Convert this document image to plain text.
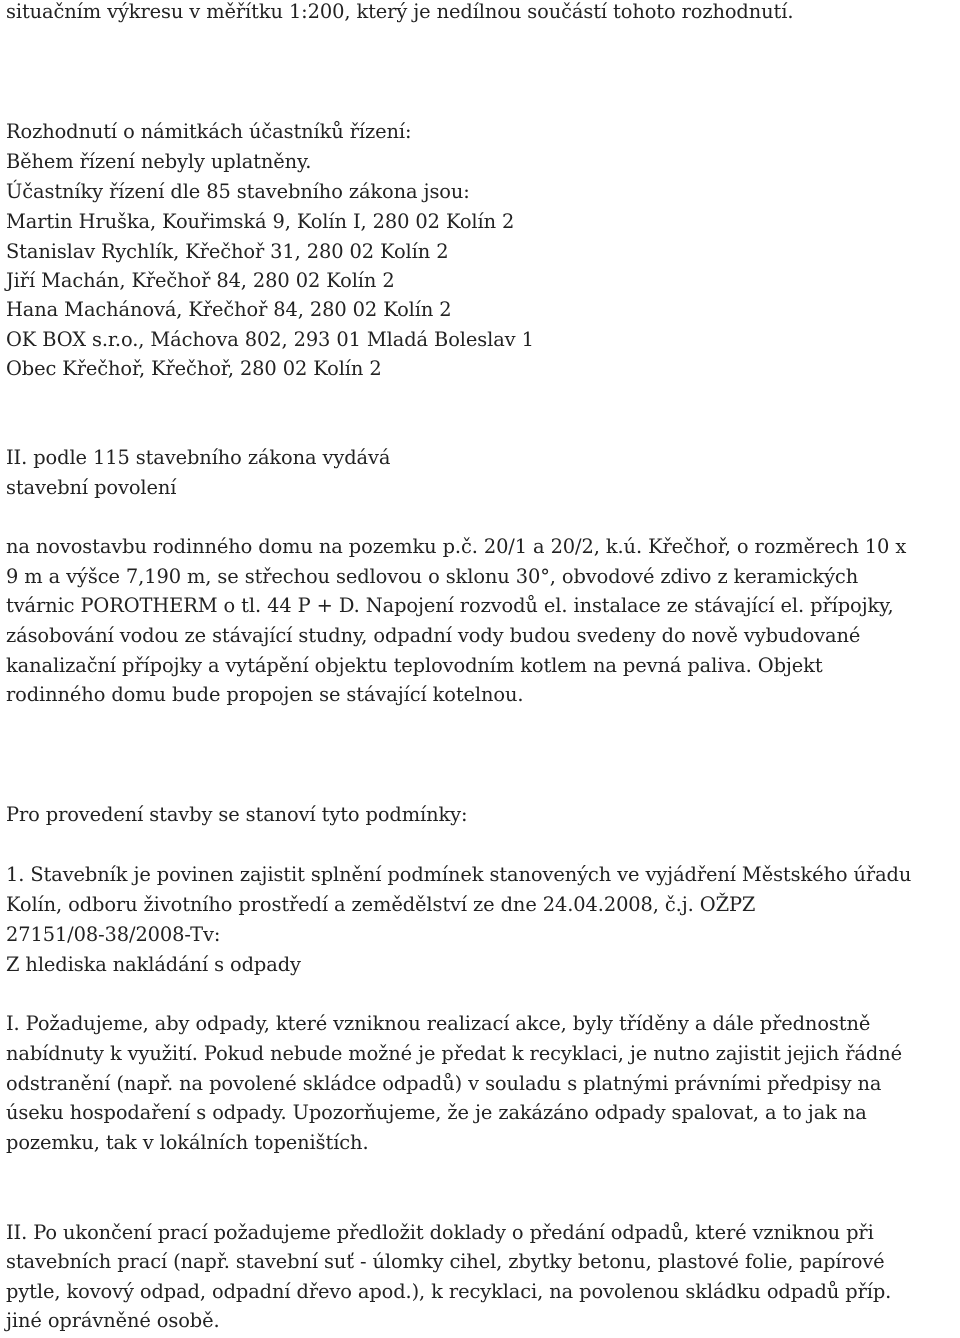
situačním výkresu v měřítku 1:200, který je nedílnou součástí tohoto rozhodnutí.
Rozhodnutí o námitkách účastníků řízení:
Během řízení nebyly uplatněny.
Účastníky řízení dle 85 stavebního zákona jsou:
Martin Hruška, Kouřimská 9, Kolín I, 280 02 Kolín 2
Stanislav Rychlík, Křečhoř 31, 280 02 Kolín 2
Jiří Machán, Křečhoř 84, 280 02 Kolín 2
Hana Machánová, Křečhoř 84, 280 02 Kolín 2
OK BOX s.r.o., Máchova 802, 293 01 Mladá Boleslav 1
Obec Křečhoř, Křečhoř, 280 02 Kolín 2
II. podle 115 stavebního zákona vydává
stavební povolení
na novostavbu rodinného domu na pozemku p.č. 20/1 a 20/2, k.ú. Křečhoř, o rozměrech 10 x
9 m a výšce 7,190 m, se střechou sedlovou o sklonu 30°, obvodové zdivo z keramických
tvárnic POROTHERM o tl. 44 P + D. Napojení rozvodů el. instalace ze stávající el. přípojky,
zásobování vodou ze stávající studny, odpadní vody budou svedeny do nově vybudované
kanalizační přípojky a vytápění objektu teplovodním kotlem na pevná paliva. Objekt
rodinného domu bude propojen se stávající kotelnou.
Pro provedení stavby se stanoví tyto podmínky:
1. Stavebník je povinen zajistit splnění podmínek stanovených ve vyjádření Městského úřadu
Kolín, odboru životního prostředí a zemědělství ze dne 24.04.2008, č.j. OŽPZ
27151/08-38/2008-Tv:
Z hlediska nakládání s odpady
I. Požadujeme, aby odpady, které vzniknou realizací akce, byly tříděny a dále přednostně
nabídnuty k využití. Pokud nebude možné je předat k recyklaci, je nutno zajistit jejich řádné
odstranění (např. na povolené skládce odpadů) v souladu s platnými právními předpisy na
úseku hospodaření s odpady. Upozorňujeme, že je zakázáno odpady spalovat, a to jak na
pozemku, tak v lokálních topeništích.
II. Po ukončení prací požadujeme předložit doklady o předání odpadů, které vzniknou při
stavebních prací (např. stavební suť - úlomky cihel, zbytky betonu, plastové folie, papírové
pytle, kovový odpad, odpadní dřevo apod.), k recyklaci, na povolenou skládku odpadů příp.
jiné oprávněné osobě.
